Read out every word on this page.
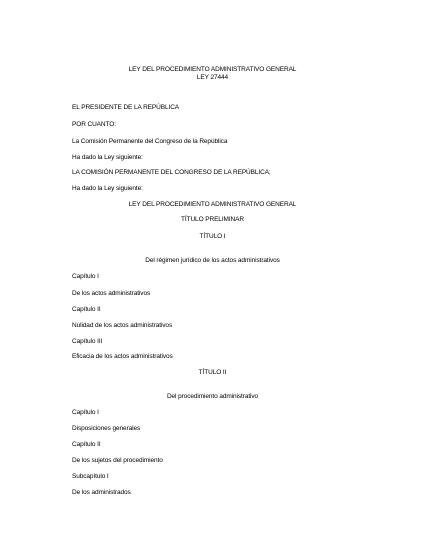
LEY DEL PROCEDIMIENTO ADMINISTRATIVO GENERAL
LEY 27444
EL PRESIDENTE DE LA REPÚBLICA
POR CUANTO:
La Comisión Permanente del Congreso de la República
Ha dado la Ley siguiente:
LA COMISIÓN PERMANENTE DEL CONGRESO DE LA REPÚBLICA;
Ha dado la Ley siguiente:
LEY DEL PROCEDIMIENTO ADMINISTRATIVO GENERAL
TÍTULO PRELIMINAR
TÍTULO I
Del régimen jurídico de los actos administrativos
Capítulo I
De los actos administrativos
Capítulo II
Nulidad de los actos administrativos
Capítulo III
Eficacia de los actos administrativos
TÍTULO II
Del procedimiento administrativo
Capítulo I
Disposiciones generales
Capítulo II
De los sujetos del procedimiento
Subcapítulo I
De los administrados
